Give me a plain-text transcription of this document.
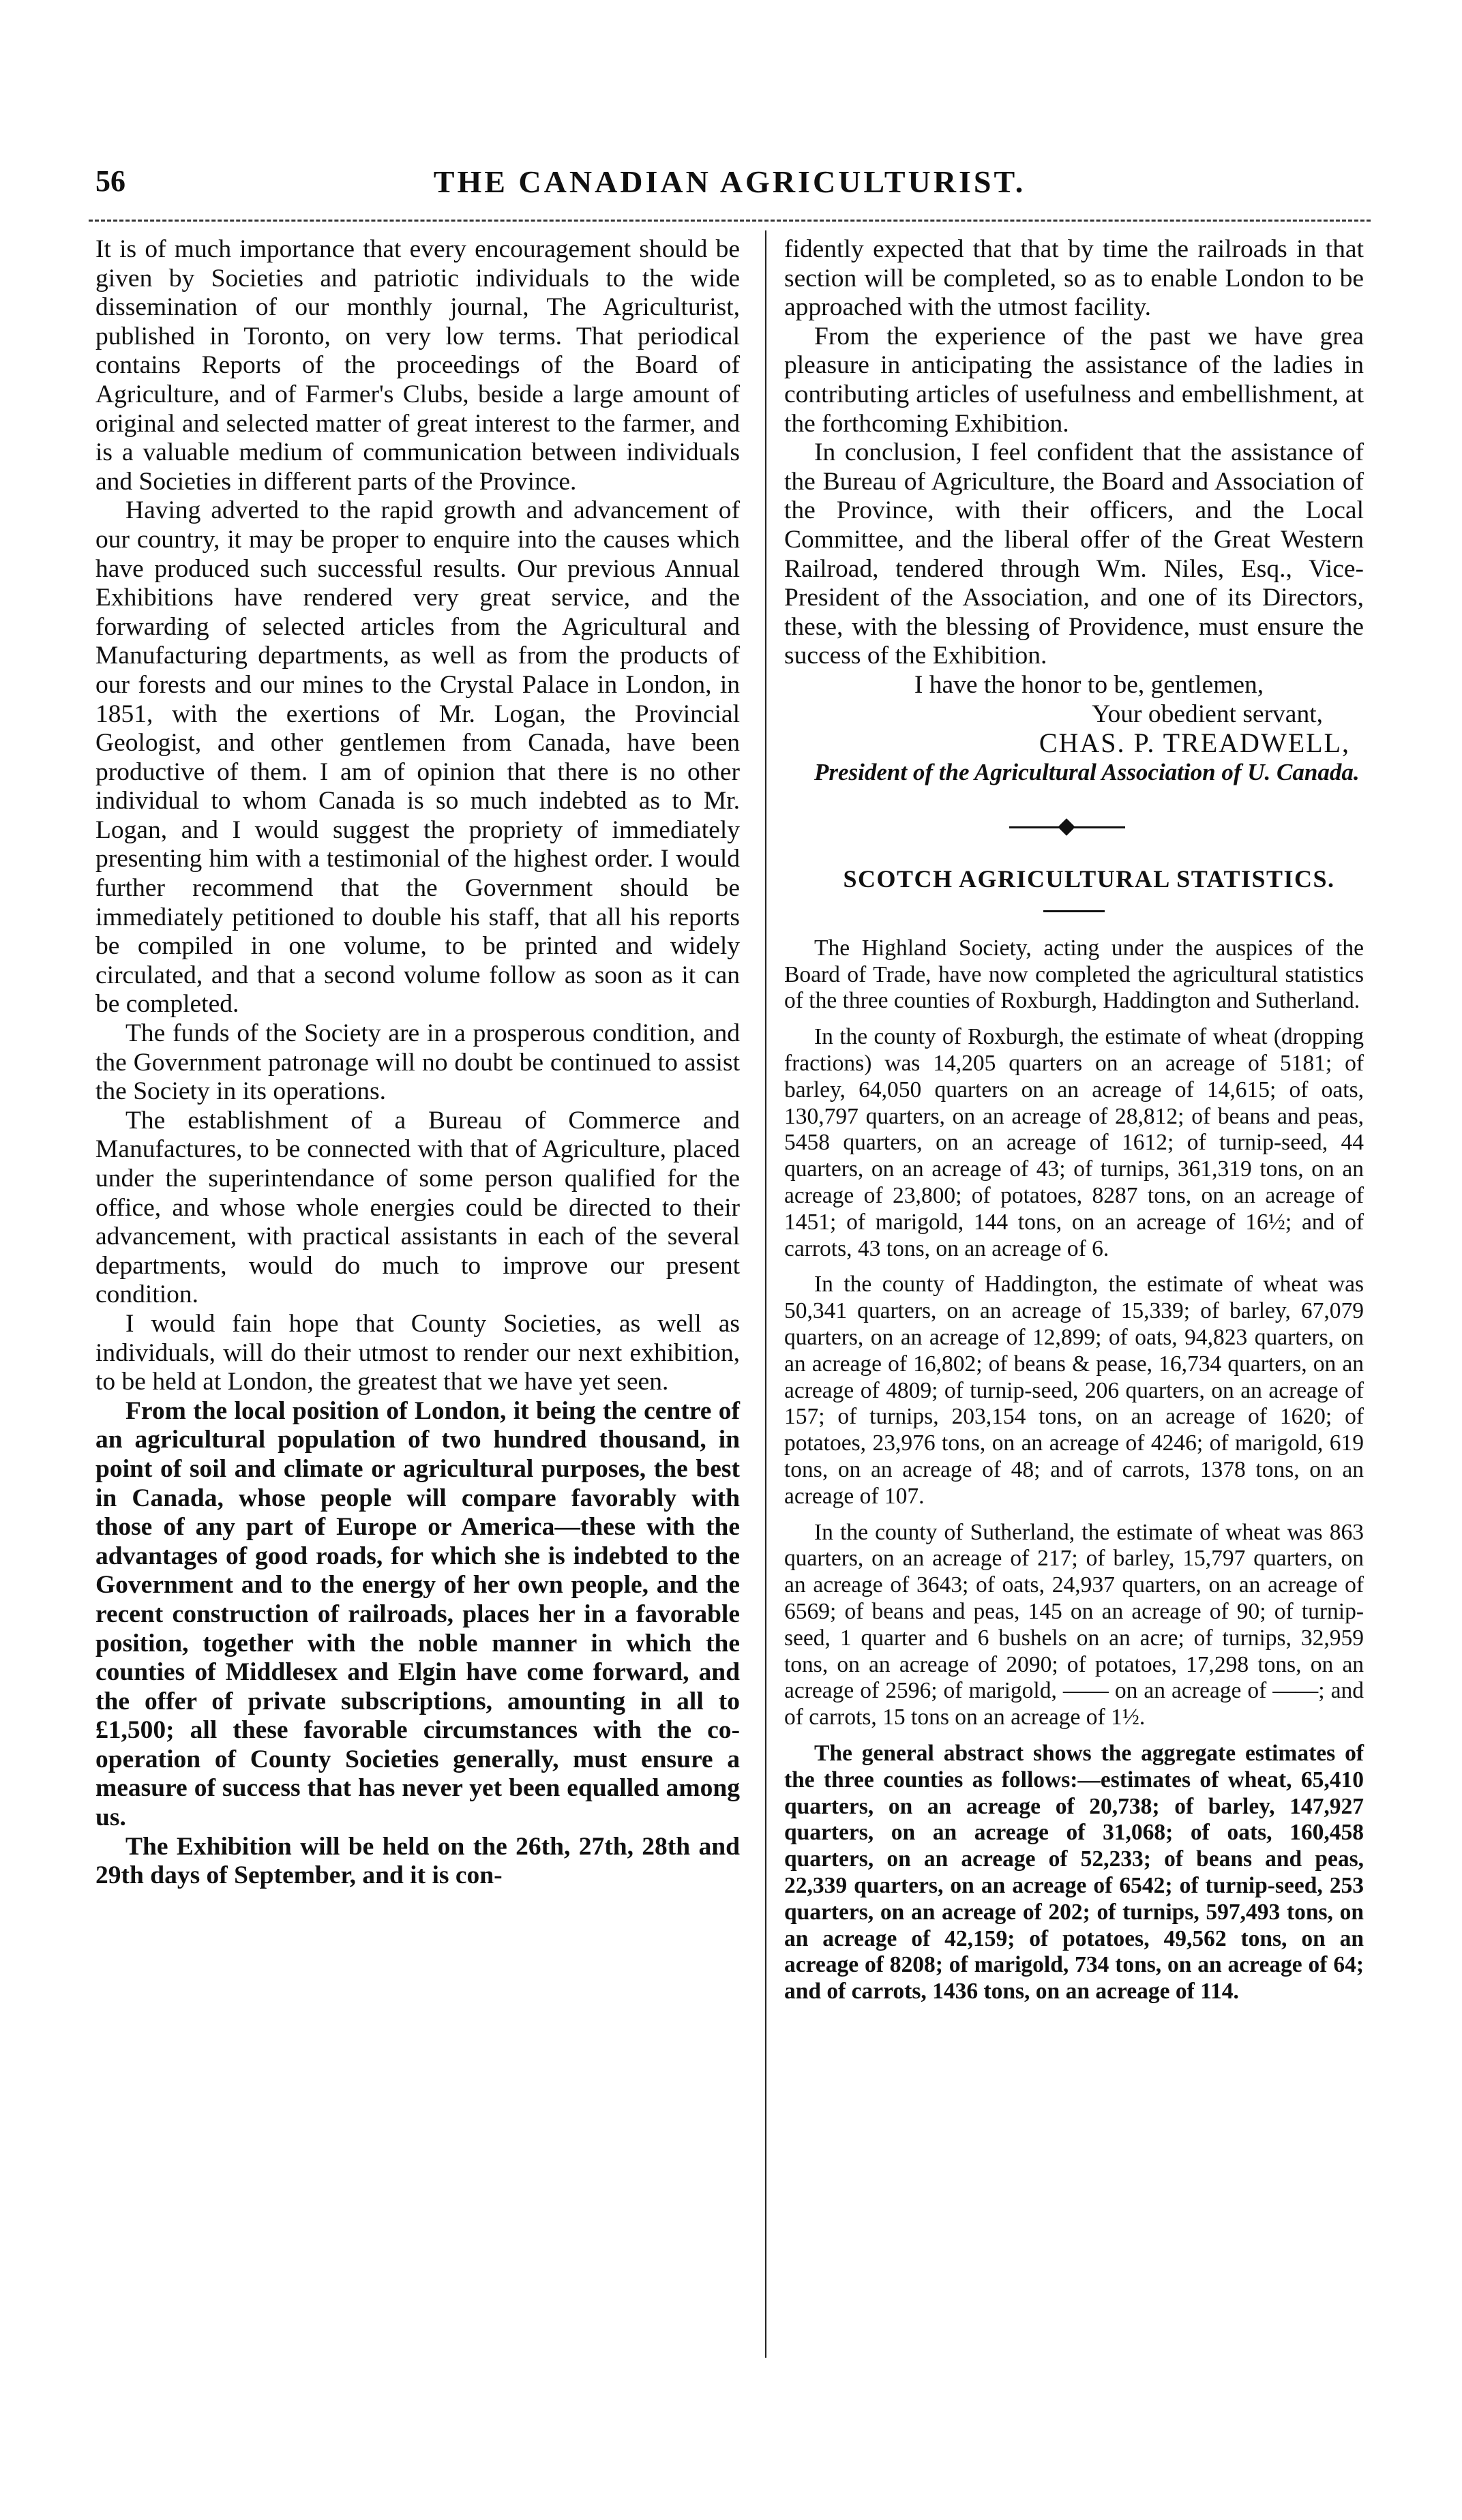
56	THE CANADIAN AGRICULTURIST.

It is of much importance that every encouragement should be given by Societies and patriotic individuals to the wide dissemination of our monthly journal, The Agriculturist, published in Toronto, on very low terms. That periodical contains Reports of the proceedings of the Board of Agriculture, and of Farmer's Clubs, beside a large amount of original and selected matter of great interest to the farmer, and is a valuable medium of communication between individuals and Societies in different parts of the Province.

Having adverted to the rapid growth and advancement of our country, it may be proper to enquire into the causes which have produced such successful results. Our previous Annual Exhibitions have rendered very great service, and the forwarding of selected articles from the Agricultural and Manufacturing departments, as well as from the products of our forests and our mines to the Crystal Palace in London, in 1851, with the exertions of Mr. Logan, the Provincial Geologist, and other gentlemen from Canada, have been productive of them. I am of opinion that there is no other individual to whom Canada is so much indebted as to Mr. Logan, and I would suggest the propriety of immediately presenting him with a testimonial of the highest order. I would further recommend that the Government should be immediately petitioned to double his staff, that all his reports be compiled in one volume, to be printed and widely circulated, and that a second volume follow as soon as it can be completed.

The funds of the Society are in a prosperous condition, and the Government patronage will no doubt be continued to assist the Society in its operations.

The establishment of a Bureau of Commerce and Manufactures, to be connected with that of Agriculture, placed under the superintendance of some person qualified for the office, and whose whole energies could be directed to their advancement, with practical assistants in each of the several departments, would do much to improve our present condition.

I would fain hope that County Societies, as well as individuals, will do their utmost to render our next exhibition, to be held at London, the greatest that we have yet seen.

From the local position of London, it being the centre of an agricultural population of two hundred thousand, in point of soil and climate or agricultural purposes, the best in Canada, whose people will compare favorably with those of any part of Europe or America—these with the advantages of good roads, for which she is indebted to the Government and to the energy of her own people, and the recent construction of railroads, places her in a favorable position, together with the noble manner in which the counties of Middlesex and Elgin have come forward, and the offer of private subscriptions, amounting in all to £1,500; all these favorable circumstances with the co-operation of County Societies generally, must ensure a measure of success that has never yet been equalled among us.

The Exhibition will be held on the 26th, 27th, 28th and 29th days of September, and it is con-

fidently expected that that by time the railroads in that section will be completed, so as to enable London to be approached with the utmost facility.

From the experience of the past we have grea pleasure in anticipating the assistance of the ladies in contributing articles of usefulness and embellishment, at the forthcoming Exhibition.

In conclusion, I feel confident that the assistance of the Bureau of Agriculture, the Board and Association of the Province, with their officers, and the Local Committee, and the liberal offer of the Great Western Railroad, tendered through Wm. Niles, Esq., Vice-President of the Association, and one of its Directors, these, with the blessing of Providence, must ensure the success of the Exhibition.

I have the honor to be, gentlemen,

Your obedient servant,

CHAS. P. TREADWELL,

President of the Agricultural Association of U. Canada.

SCOTCH AGRICULTURAL STATISTICS.

The Highland Society, acting under the auspices of the Board of Trade, have now completed the agricultural statistics of the three counties of Roxburgh, Haddington and Sutherland.

In the county of Roxburgh, the estimate of wheat (dropping fractions) was 14,205 quarters on an acreage of 5181; of barley, 64,050 quarters on an acreage of 14,615; of oats, 130,797 quarters, on an acreage of 28,812; of beans and peas, 5458 quarters, on an acreage of 1612; of turnip-seed, 44 quarters, on an acreage of 43; of turnips, 361,319 tons, on an acreage of 23,800; of potatoes, 8287 tons, on an acreage of 1451; of marigold, 144 tons, on an acreage of 16½; and of carrots, 43 tons, on an acreage of 6.

In the county of Haddington, the estimate of wheat was 50,341 quarters, on an acreage of 15,339; of barley, 67,079 quarters, on an acreage of 12,899; of oats, 94,823 quarters, on an acreage of 16,802; of beans & pease, 16,734 quarters, on an acreage of 4809; of turnip-seed, 206 quarters, on an acreage of 157; of turnips, 203,154 tons, on an acreage of 1620; of potatoes, 23,976 tons, on an acreage of 4246; of marigold, 619 tons, on an acreage of 48; and of carrots, 1378 tons, on an acreage of 107.

In the county of Sutherland, the estimate of wheat was 863 quarters, on an acreage of 217; of barley, 15,797 quarters, on an acreage of 3643; of oats, 24,937 quarters, on an acreage of 6569; of beans and peas, 145 on an acreage of 90; of turnip-seed, 1 quarter and 6 bushels on an acre; of turnips, 32,959 tons, on an acreage of 2090; of potatoes, 17,298 tons, on an acreage of 2596; of marigold, —— on an acreage of ——; and of carrots, 15 tons on an acreage of 1½.

The general abstract shows the aggregate estimates of the three counties as follows:—estimates of wheat, 65,410 quarters, on an acreage of 20,738; of barley, 147,927 quarters, on an acreage of 31,068; of oats, 160,458 quarters, on an acreage of 52,233; of beans and peas, 22,339 quarters, on an acreage of 6542; of turnip-seed, 253 quarters, on an acreage of 202; of turnips, 597,493 tons, on an acreage of 42,159; of potatoes, 49,562 tons, on an acreage of 8208; of marigold, 734 tons, on an acreage of 64; and of carrots, 1436 tons, on an acreage of 114.
